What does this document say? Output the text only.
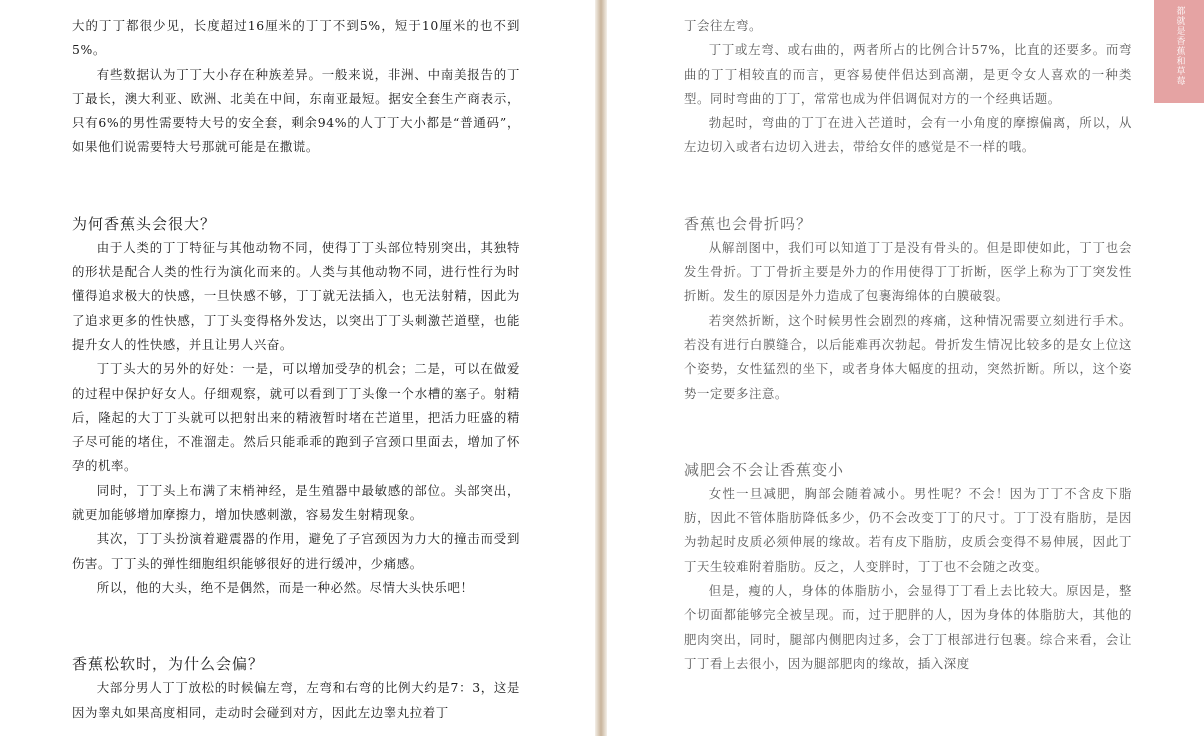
大的丁丁都很少见，长度超过16厘米的丁丁不到5%，短于10厘米的也不到5%。

有些数据认为丁丁大小存在种族差异。一般来说，非洲、中南美报告的丁丁最长，澳大利亚、欧洲、北美在中间，东南亚最短。据安全套生产商表示，只有6%的男性需要特大号的安全套，剩余94%的人丁丁大小都是“普通码”，如果他们说需要特大号那就可能是在撒谎。

为何香蕉头会很大？

由于人类的丁丁特征与其他动物不同，使得丁丁头部位特别突出，其独特的形状是配合人类的性行为演化而来的。人类与其他动物不同，进行性行为时懂得追求极大的快感，一旦快感不够，丁丁就无法插入，也无法射精，因此为了追求更多的性快感，丁丁头变得格外发达，以突出丁丁头刺激芒道壁，也能提升女人的性快感，并且让男人兴奋。

丁丁头大的另外的好处：一是，可以增加受孕的机会；二是，可以在做爱的过程中保护好女人。仔细观察，就可以看到丁丁头像一个水槽的塞子。射精后，隆起的大丁丁头就可以把射出来的精液暂时堵在芒道里，把活力旺盛的精子尽可能的堵住，不准溜走。然后只能乖乖的跑到子宫颈口里面去，增加了怀孕的机率。

同时，丁丁头上布满了末梢神经，是生殖器中最敏感的部位。头部突出，就更加能够增加摩擦力，增加快感刺激，容易发生射精现象。

其次，丁丁头扮演着避震器的作用，避免了子宫颈因为力大的撞击而受到伤害。丁丁头的弹性细胞组织能够很好的进行缓冲，少痛感。

所以，他的大头，绝不是偶然，而是一种必然。尽情大头快乐吧！

香蕉松软时，为什么会偏？

大部分男人丁丁放松的时候偏左弯，左弯和右弯的比例大约是7：3，这是因为睾丸如果高度相同，走动时会碰到对方，因此左边睾丸拉着丁

丁会往左弯。

丁丁或左弯、或右曲的，两者所占的比例合计57%，比直的还要多。而弯曲的丁丁相较直的而言，更容易使伴侣达到高潮，是更令女人喜欢的一种类型。同时弯曲的丁丁，常常也成为伴侣调侃对方的一个经典话题。

勃起时，弯曲的丁丁在进入芒道时，会有一小角度的摩擦偏离，所以，从左边切入或者右边切入进去，带给女伴的感觉是不一样的哦。

香蕉也会骨折吗？

从解剖图中，我们可以知道丁丁是没有骨头的。但是即使如此，丁丁也会发生骨折。丁丁骨折主要是外力的作用使得丁丁折断，医学上称为丁丁突发性折断。发生的原因是外力造成了包裹海绵体的白膜破裂。

若突然折断，这个时候男性会剧烈的疼痛，这种情况需要立刻进行手术。若没有进行白膜缝合，以后能难再次勃起。骨折发生情况比较多的是女上位这个姿势，女性猛烈的坐下，或者身体大幅度的扭动，突然折断。所以，这个姿势一定要多注意。

减肥会不会让香蕉变小

女性一旦减肥，胸部会随着减小。男性呢？不会！因为丁丁不含皮下脂肪，因此不管体脂肪降低多少，仍不会改变丁丁的尺寸。丁丁没有脂肪，是因为勃起时皮质必须伸展的缘故。若有皮下脂肪，皮质会变得不易伸展，因此丁丁天生较难附着脂肪。反之，人变胖时，丁丁也不会随之改变。

但是，瘦的人，身体的体脂肪小，会显得丁丁看上去比较大。原因是，整个切面都能够完全被呈现。而，过于肥胖的人，因为身体的体脂肪大，其他的肥肉突出，同时，腿部内侧肥肉过多，会丁丁根部进行包裹。综合来看，会让丁丁看上去很小，因为腿部肥肉的缘故，插入深度

都就是香蕉和草莓
